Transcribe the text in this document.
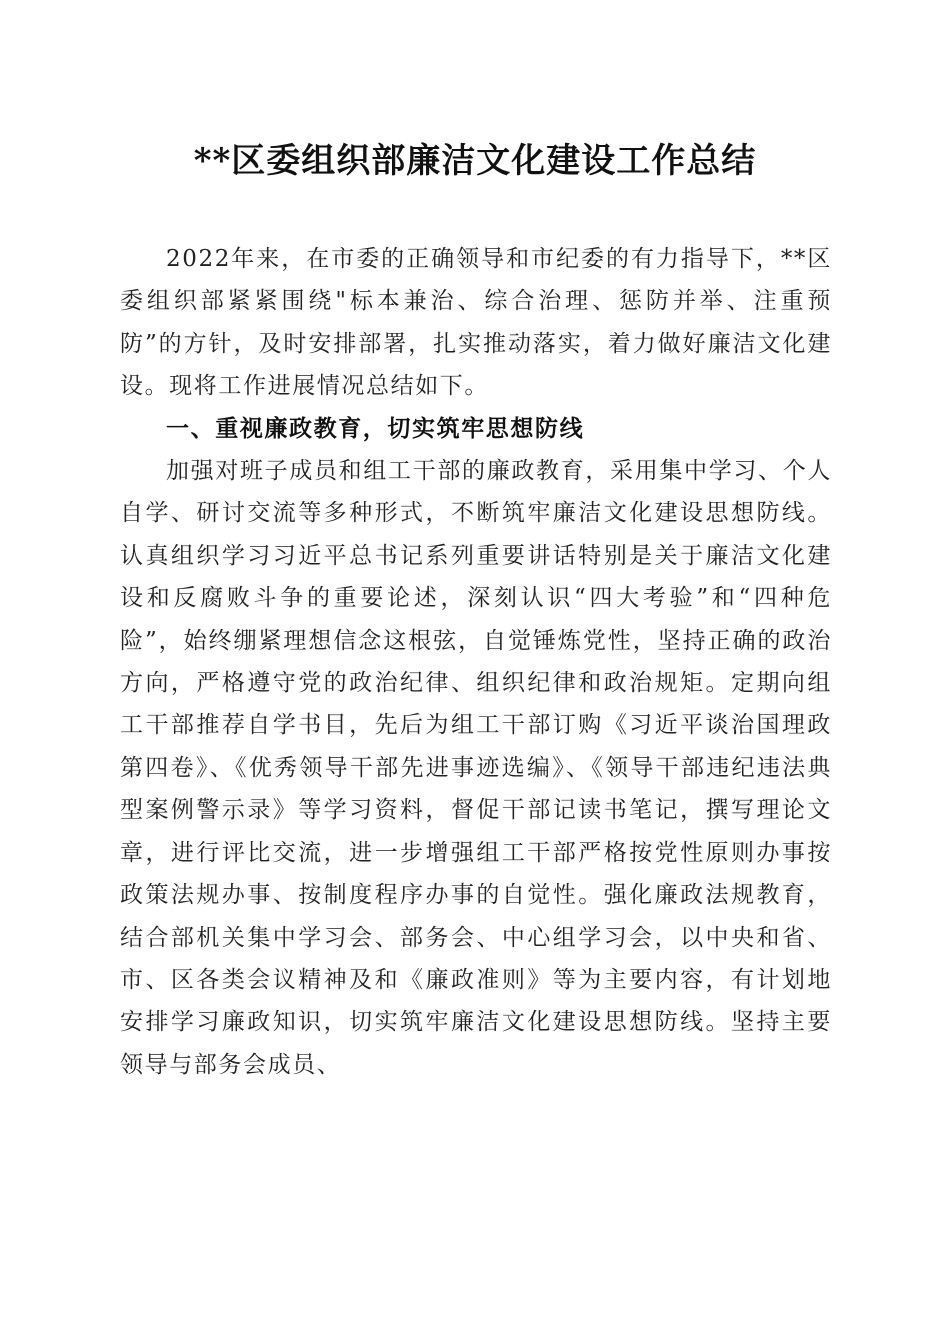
**区委组织部廉洁文化建设工作总结

2022年来，在市委的正确领导和市纪委的有力指导下，**区委组织部紧紧围绕"标本兼治、综合治理、惩防并举、注重预防”的方针，及时安排部署，扎实推动落实，着力做好廉洁文化建设。现将工作进展情况总结如下。

一、重视廉政教育，切实筑牢思想防线

加强对班子成员和组工干部的廉政教育，采用集中学习、个人自学、研讨交流等多种形式，不断筑牢廉洁文化建设思想防线。认真组织学习习近平总书记系列重要讲话特别是关于廉洁文化建设和反腐败斗争的重要论述，深刻认识“四大考验”和“四种危险”，始终绷紧理想信念这根弦，自觉锤炼党性，坚持正确的政治方向，严格遵守党的政治纪律、组织纪律和政治规矩。定期向组工干部推荐自学书目，先后为组工干部订购《习近平谈治国理政第四卷》、《优秀领导干部先进事迹选编》、《领导干部违纪违法典型案例警示录》等学习资料，督促干部记读书笔记，撰写理论文章，进行评比交流，进一步增强组工干部严格按党性原则办事按政策法规办事、按制度程序办事的自觉性。强化廉政法规教育，结合部机关集中学习会、部务会、中心组学习会，以中央和省、市、区各类会议精神及和《廉政准则》等为主要内容，有计划地安排学习廉政知识，切实筑牢廉洁文化建设思想防线。坚持主要领导与部务会成员、
